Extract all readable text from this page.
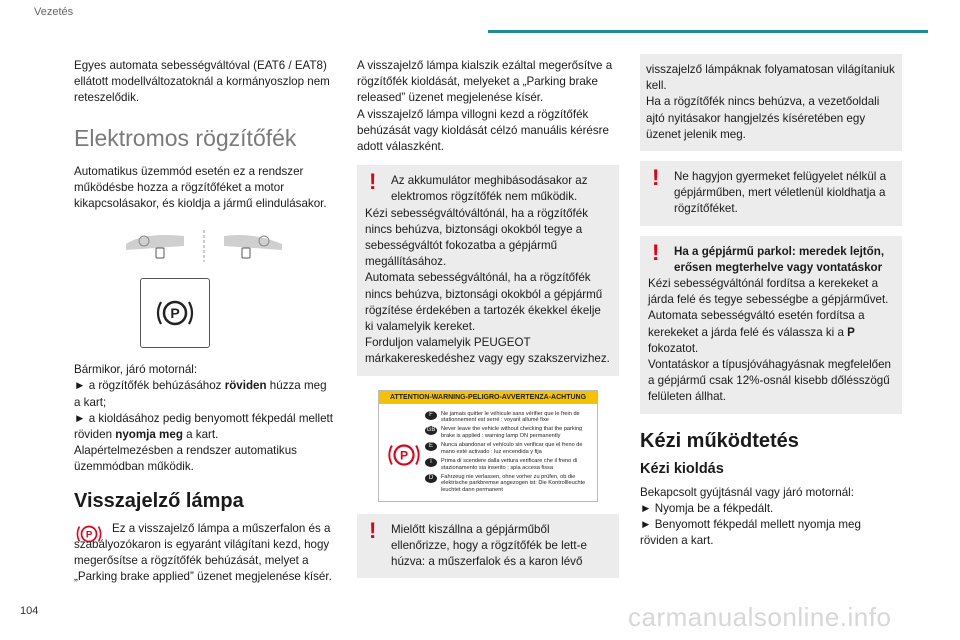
Vezetés

Egyes automata sebességváltóval (EAT6 / EAT8) ellátott modellváltozatoknál a kormányoszlop nem reteszelődik.

Elektromos rögzítőfék

Automatikus üzemmód esetén ez a rendszer működésbe hozza a rögzítőféket a motor kikapcsolásakor, és kioldja a jármű elindulásakor.

P

Bármikor, járó motornál:

► a rögzítőfék behúzásához röviden húzza meg a kart;

► a kioldásához pedig benyomott fékpedál mellett röviden nyomja meg a kart.

Alapértelmezésben a rendszer automatikus üzemmódban működik.

Visszajelző lámpa
P	Ez a visszajelző lámpa a műszerfalon és a szabályozókaron is egyaránt világítani kezd, hogy megerősítse a rögzítőfék behúzását, melyet a „Parking brake applied” üzenet megjelenése kísér.

A visszajelző lámpa kialszik ezáltal megerősítve a rögzítőfék kioldását, melyeket a „Parking brake released” üzenet megjelenése kísér.

A visszajelző lámpa villogni kezd a rögzítőfék behúzását vagy kioldását célzó manuális kérésre adott válaszként.

!	Az akkumulátor meghibásodásakor az elektromos rögzítőfék nem működik.

Kézi sebességváltóváltónál, ha a rögzítőfék nincs behúzva, biztonsági okokból tegye a sebességváltót fokozatba a gépjármű megállításához.
Automata sebességváltónál, ha a rögzítőfék nincs behúzva, biztonsági okokból a gépjármű rögzítése érdekében a tartozék ékekkel ékelje ki valamelyik kereket.
Forduljon valamelyik PEUGEOT márkakereskedéshez vagy egy szakszervizhez.

ATTENTION-WARNING-PELIGRO-AVVERTENZA-ACHTUNG
P
F	Ne jamais quitter le véhicule sans vérifier que le frein de stationnement est serré : voyant allumé fixe
GB Never leave the vehicle without checking that the parking brake is applied : warning lamp ON permanently
E	Nunca abandonar el vehículo sin verificar que el freno de mano esté activado : luz encendida y fija
I	Prima di scendere dalla vettura verificare che il freno di stazionamento sia inserito : spia accesa fissa
D	Fahrzeug nie verlassen, ohne vorher zu prüfen, ob die elektrische parkbremse angezogen ist: Die Kontrollleuchte leuchtet dann permanent
!	Mielőtt kiszállna a gépjárműből ellenőrizze, hogy a rögzítőfék be lett-e húzva: a műszerfalok és a karon lévő

visszajelző lámpáknak folyamatosan világítaniuk kell.
Ha a rögzítőfék nincs behúzva, a vezetőoldali ajtó nyitásakor hangjelzés kíséretében egy üzenet jelenik meg.

!	Ne hagyjon gyermeket felügyelet nélkül a gépjárműben, mert véletlenül kioldhatja a rögzítőféket.

!	Ha a gépjármű parkol: meredek lejtőn, erősen megterhelve vagy vontatáskor

Kézi sebességváltónál fordítsa a kerekeket a járda felé és tegye sebességbe a gépjárművet.

Automata sebességváltó esetén fordítsa a kerekeket a járda felé és válassza ki a P fokozatot.

Vontatáskor a típusjóváhagyásnak megfelelően a gépjármű csak 12%-osnál kisebb dőlésszögű felületen állhat.

Kézi működtetés
Kézi kioldás

Bekapcsolt gyújtásnál vagy járó motornál:

► Nyomja be a fékpedált.

► Benyomott fékpedál mellett nyomja meg röviden a kart.

104	carmanualsonline.info
